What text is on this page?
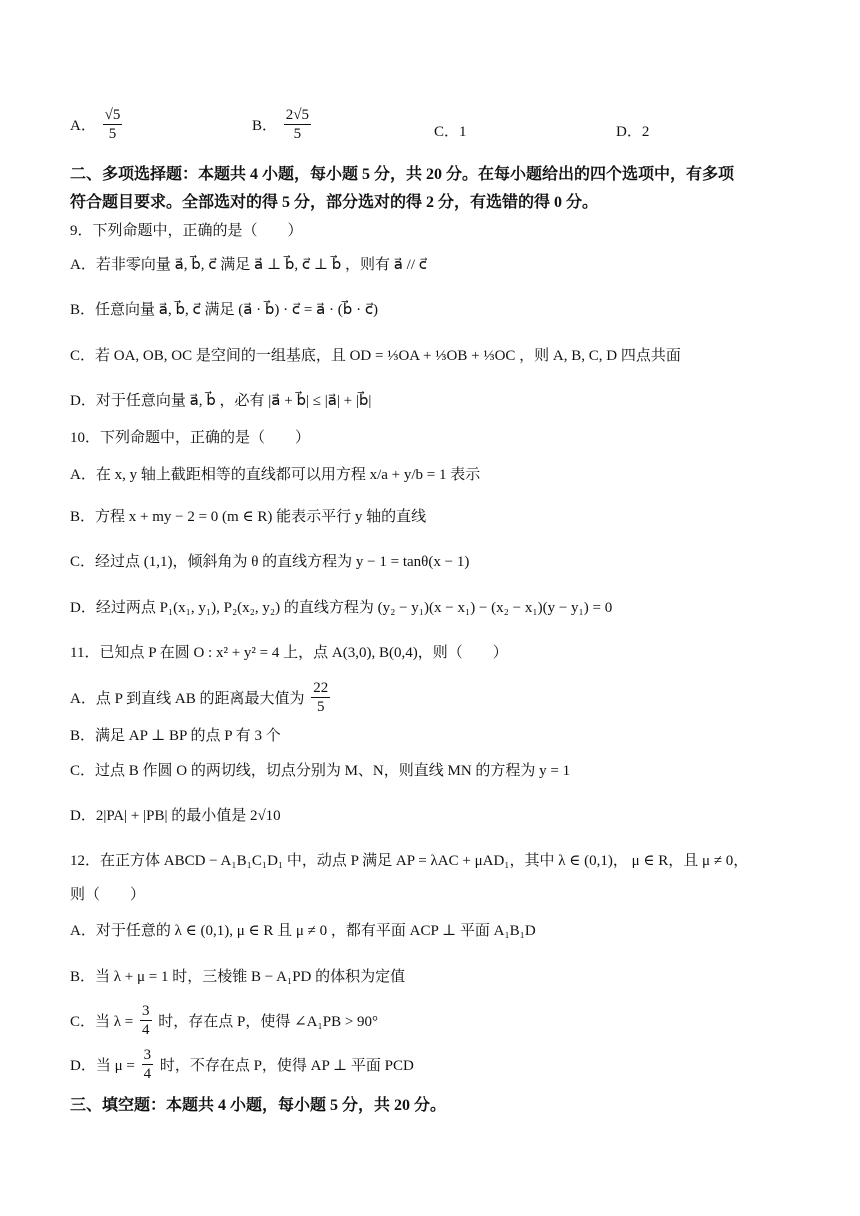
A． $\frac{√5}{5}$	B． $\frac{2√5}{5}$	C．1	D．2
二、多项选择题：本题共 4 小题，每小题 5 分，共 20 分。在每小题给出的四个选项中，有多项
符合题目要求。全部选对的得 5 分，部分选对的得 2 分，有选错的得 0 分。
9．下列命题中，正确的是（　　）
A．若非零向量 a⃗, b⃗, c⃗ 满足 a⃗ ⊥ b⃗, c⃗ ⊥ b⃗ ，则有 a⃗ // c⃗
B．任意向量 a⃗, b⃗, c⃗ 满足 (a⃗ · b⃗) · c⃗ = a⃗ · (b⃗ · c⃗)
C．若 OA, OB, OC 是空间的一组基底，且 OD = ⅓OA + ⅓OB + ⅓OC ，则 A, B, C, D 四点共面
D．对于任意向量 a⃗, b⃗ ，必有 |a⃗ + b⃗| ≤ |a⃗| + |b⃗|
10．下列命题中，正确的是（　　）
A．在 x, y 轴上截距相等的直线都可以用方程 x/a + y/b = 1 表示
B．方程 x + my − 2 = 0 (m ∈ R) 能表示平行 y 轴的直线
C．经过点 (1,1)，倾斜角为 θ 的直线方程为 y − 1 = tanθ(x − 1)
D．经过两点 P₁(x₁, y₁), P₂(x₂, y₂) 的直线方程为 (y₂ − y₁)(x − x₁) − (x₂ − x₁)(y − y₁) = 0
11．已知点 P 在圆 O : x² + y² = 4 上，点 A(3,0), B(0,4)，则（　　）
A．点 P 到直线 AB 的距离最大值为 $\frac{22}{5}$
B．满足 AP ⊥ BP 的点 P 有 3 个
C．过点 B 作圆 O 的两切线，切点分别为 M、N，则直线 MN 的方程为 y = 1
D．2|PA| + |PB| 的最小值是 2√10
12．在正方体 ABCD − A₁B₁C₁D₁ 中，动点 P 满足 AP = λAC + μAD₁，其中 λ ∈ (0,1)， μ ∈ R，且 μ ≠ 0，
则（　　）
A．对于任意的 λ ∈ (0,1), μ ∈ R 且 μ ≠ 0 ，都有平面 ACP ⊥ 平面 A₁B₁D
B．当 λ + μ = 1 时，三棱锥 B − A₁PD 的体积为定值
C．当 $\lambda = \frac{3}{4}$ 时，存在点 P，使得 ∠A₁PB > 90°
D．当 $\mu = \frac{3}{4}$ 时，不存在点 P，使得 AP ⊥ 平面 PCD
三、填空题：本题共 4 小题，每小题 5 分，共 20 分。
